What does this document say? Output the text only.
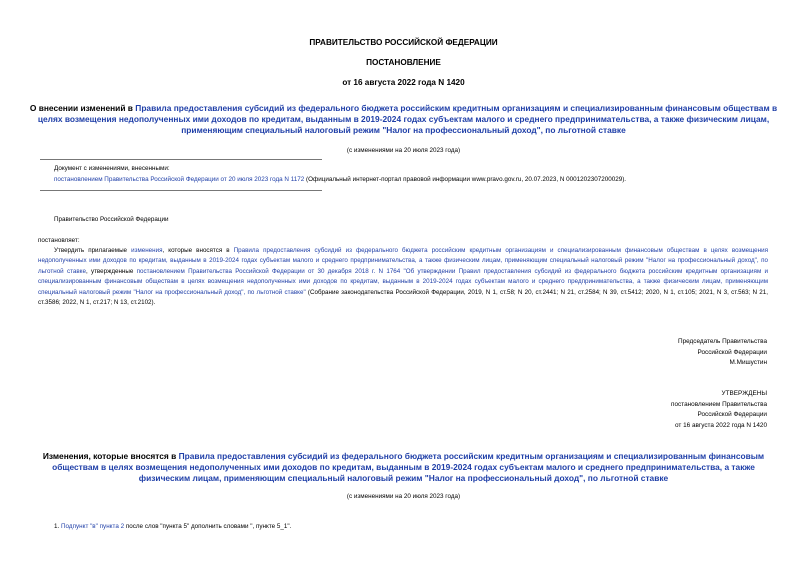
ПРАВИТЕЛЬСТВО РОССИЙСКОЙ ФЕДЕРАЦИИ
ПОСТАНОВЛЕНИЕ
от 16 августа 2022 года N 1420
О внесении изменений в Правила предоставления субсидий из федерального бюджета российским кредитным организациям и специализированным финансовым обществам в целях возмещения недополученных ими доходов по кредитам, выданным в 2019-2024 годах субъектам малого и среднего предпринимательства, а также физическим лицам, применяющим специальный налоговый режим "Налог на профессиональный доход", по льготной ставке
(с изменениями на 20 июля 2023 года)
Документ с изменениями, внесенными:
постановлением Правительства Российской Федерации от 20 июля 2023 года N 1172 (Официальный интернет-портал правовой информации www.pravo.gov.ru, 20.07.2023, N 0001202307200029).
Правительство Российской Федерации
постановляет:
Утвердить прилагаемые изменения, которые вносятся в Правила предоставления субсидий из федерального бюджета российским кредитным организациям и специализированным финансовым обществам в целях возмещения недополученных ими доходов по кредитам, выданным в 2019-2024 годах субъектам малого и среднего предпринимательства, а также физическим лицам, применяющим специальный налоговый режим "Налог на профессиональный доход", по льготной ставке, утвержденные постановлением Правительства Российской Федерации от 30 декабря 2018 г. N 1764 "Об утверждении Правил предоставления субсидий из федерального бюджета российским кредитным организациям и специализированным финансовым обществам в целях возмещения недополученных ими доходов по кредитам, выданным в 2019-2024 годах субъектам малого и среднего предпринимательства, а также физическим лицам, применяющим специальный налоговый режим "Налог на профессиональный доход", по льготной ставке" (Собрание законодательства Российской Федерации, 2019, N 1, ст.58; N 20, ст.2441; N 21, ст.2584; N 39, ст.5412; 2020, N 1, ст.105; 2021, N 3, ст.563; N 21, ст.3586; 2022, N 1, ст.217; N 13, ст.2102).
Председатель Правительства
Российской Федерации
М.Мишустин
УТВЕРЖДЕНЫ
постановлением Правительства
Российской Федерации
от 16 августа 2022 года N 1420
Изменения, которые вносятся в Правила предоставления субсидий из федерального бюджета российским кредитным организациям и специализированным финансовым обществам в целях возмещения недополученных ими доходов по кредитам, выданным в 2019-2024 годах субъектам малого и среднего предпринимательства, а также физическим лицам, применяющим специальный налоговый режим "Налог на профессиональный доход", по льготной ставке
(с изменениями на 20 июля 2023 года)
1. Подпункт "в" пункта 2 после слов "пункта 5" дополнить словами ", пункте 5_1".
